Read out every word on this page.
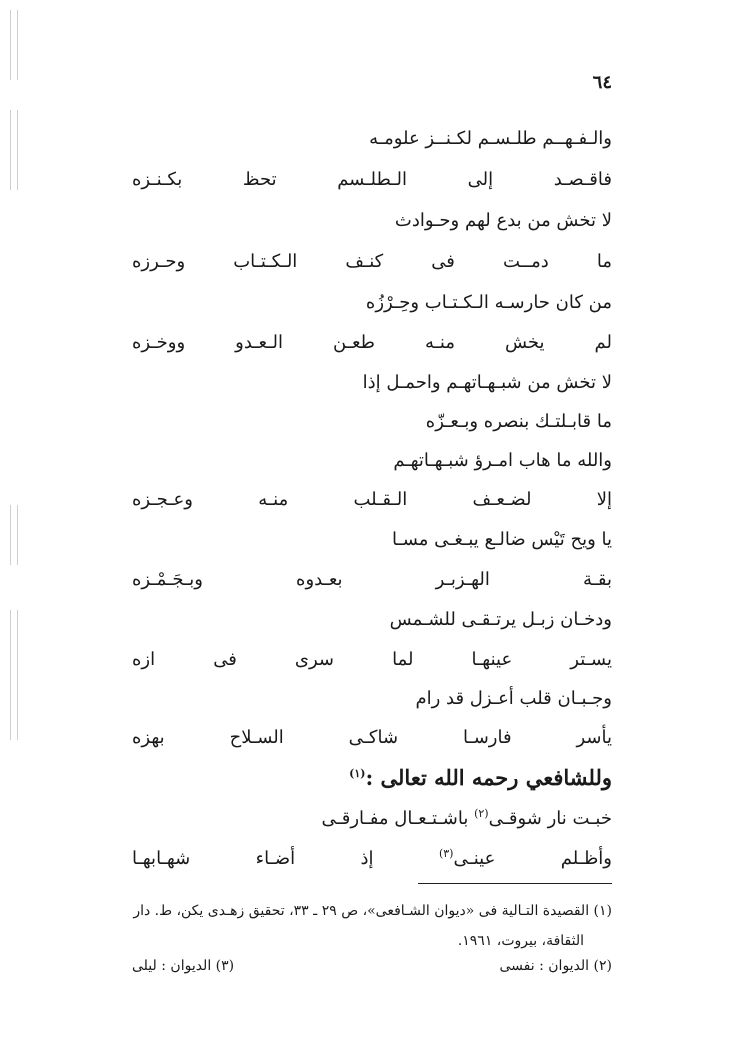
٦٤
والـفـهــم طلـسـم لكـنــز علومـه
فاقـصـد إلى الـطلـسم تحظ بكـنـزه
لا تخش من بدع لهم وحـوادث
ما دمــت فى كنـف الـكـتـاب وحـرزه
من كان حارسـه الـكـتـاب وحِـرْزُه
لم يخش منـه طعـن الـعـدو ووخـزه
لا تخش من شبـهـاتهـم واحمـل إذا
ما قابـلتـك بنصره وبـعـزّه
والله ما هاب امـرؤ شبـهـاتهـم
إلا لضـعـف الـقـلب منـه وعـجـزه
يا ويح تَيْس ضالـع يبـغـى مسـا
بقـة الهـزبـر بعـدوه وبـجَـمْـزه
ودخـان زبـل يرتـقـى للشـمس
يسـتر عينهـا لما سرى فى ازه
وجـبـان قلب أعـزل قد رام
يأسر فارسـا شاكـى السـلاح بهزه
وللشافعي رحمه الله تعالى :$^{(١)}$
خبـت نار شوقـى$^{(٢)}$ باشـتـعـال مفـارقـى
وأظـلم عينـى$^{(٣)}$ إذ أضـاء شهـابهـا
(١) القصيدة التـالية فى «ديوان الشـافعى»، ص ٢٩ ـ ٣٣، تحقيق زهـدى يكن، ط. دار
الثقافة، بيروت، ١٩٦١.
(٢) الديوان : نفسى
(٣) الديوان : ليلى
